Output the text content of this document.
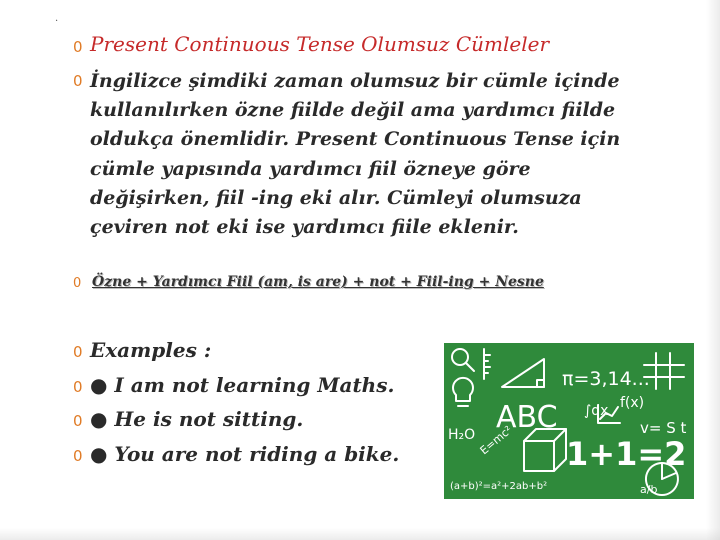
.
0
0
0
0
0
0
0
Present Continuous Tense Olumsuz Cümleler
İngilizce şimdiki zaman olumsuz bir cümle içinde
kullanılırken özne fiilde değil ama yardımcı fiilde
oldukça önemlidir. Present Continuous Tense için
cümle yapısında yardımcı fiil özneye göre
değişirken, fiil -ing eki alır. Cümleyi olumsuza
çeviren not eki ise yardımcı fiile eklenir.
Özne + Yardımcı Fiil (am, is are) + not + Fiil-ing + Nesne
Examples :
● I am not learning Maths.
● He is not sitting.
● You are not riding a bike.
π=3,14...
ABC
1+1=2
v= S t
H₂O
f(x)
E=mc²
(a+b)²=a²+2ab+b²
∫dx
a/b
